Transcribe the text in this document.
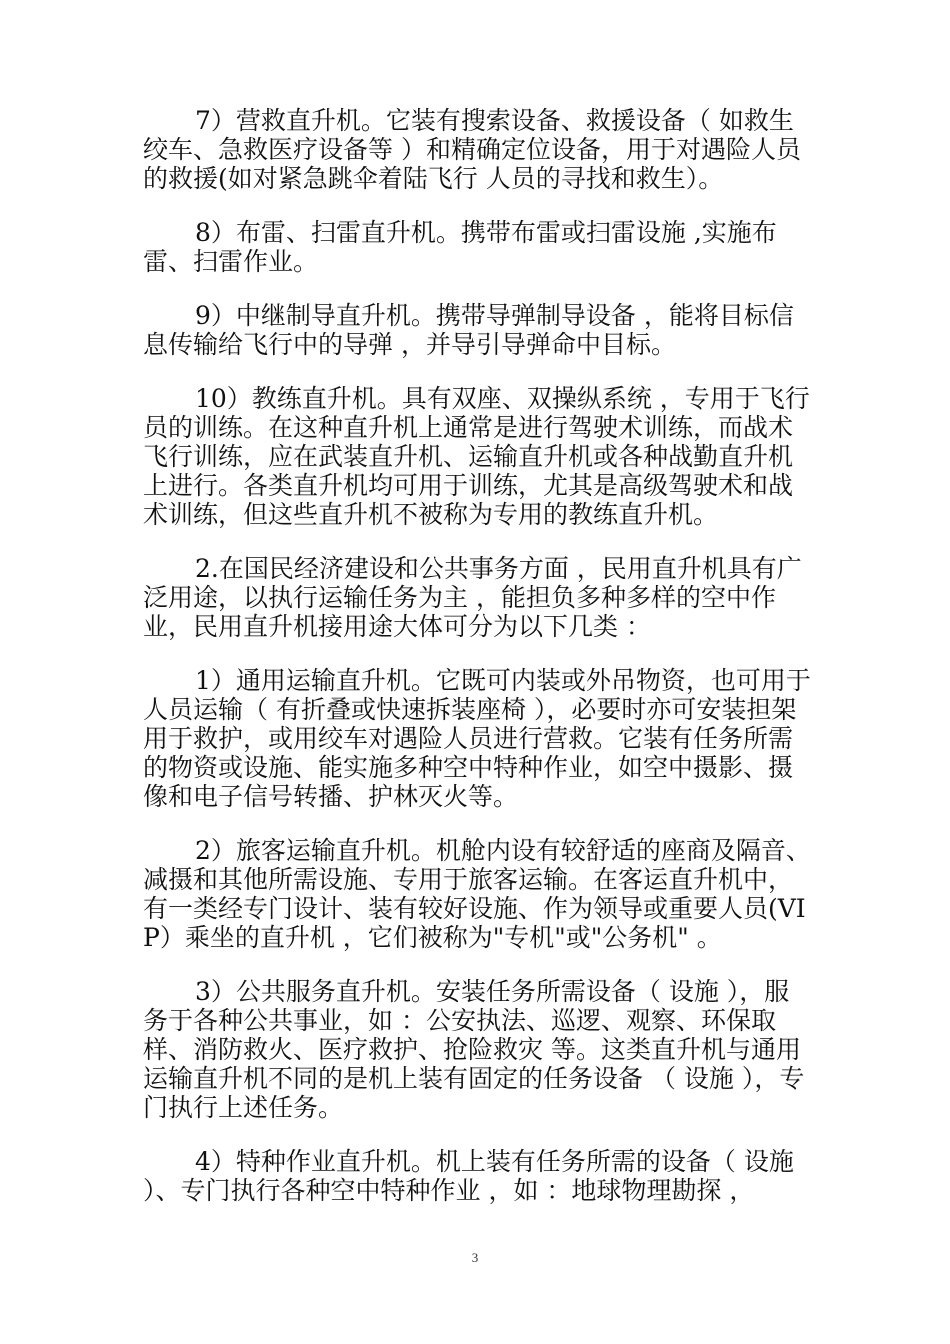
7）营救直升机。它装有搜索设备、救援设备（ 如救生绞车、急救医疗设备等 ）和精确定位设备，用于对遇险人员的救援(如对紧急跳伞着陆飞行 人员的寻找和救生）。

8）布雷、扫雷直升机。携带布雷或扫雷设施 ,实施布雷、扫雷作业。

9）中继制导直升机。携带导弹制导设备 ，能将目标信息传输给飞行中的导弹 ，并导引导弹命中目标。

10）教练直升机。具有双座、双操纵系统 ，专用于飞行员的训练。在这种直升机上通常是进行驾驶术训练，而战术飞行训练，应在武装直升机、运输直升机或各种战勤直升机上进行。各类直升机均可用于训练，尤其是高级驾驶术和战术训练，但这些直升机不被称为专用的教练直升机。

2.在国民经济建设和公共事务方面 ，民用直升机具有广泛用途，以执行运输任务为主 ，能担负多种多样的空中作业，民用直升机接用途大体可分为以下几类 ：

1）通用运输直升机。它既可内装或外吊物资，也可用于人员运输（ 有折叠或快速拆装座椅 ），必要时亦可安装担架用于救护，或用绞车对遇险人员进行营救。它装有任务所需的物资或设施、能实施多种空中特种作业，如空中摄影、摄像和电子信号转播、护林灭火等。

2）旅客运输直升机。机舱内设有较舒适的座商及隔音、减摄和其他所需设施、专用于旅客运输。在客运直升机中，有一类经专门设计、装有较好设施、作为领导或重要人员(VIP）乘坐的直升机 ，它们被称为"专机"或"公务机" 。

3）公共服务直升机。安装任务所需设备（ 设施 ），服务于各种公共事业，如 ：公安执法、巡逻、观察、环保取样、消防救火、医疗救护、抢险救灾 等。这类直升机与通用运输直升机不同的是机上装有固定的任务设备 （ 设施 ），专门执行上述任务。

4）特种作业直升机。机上装有任务所需的设备（ 设施 ）、专门执行各种空中特种作业 ，如 ：地球物理勘探 ，

3
